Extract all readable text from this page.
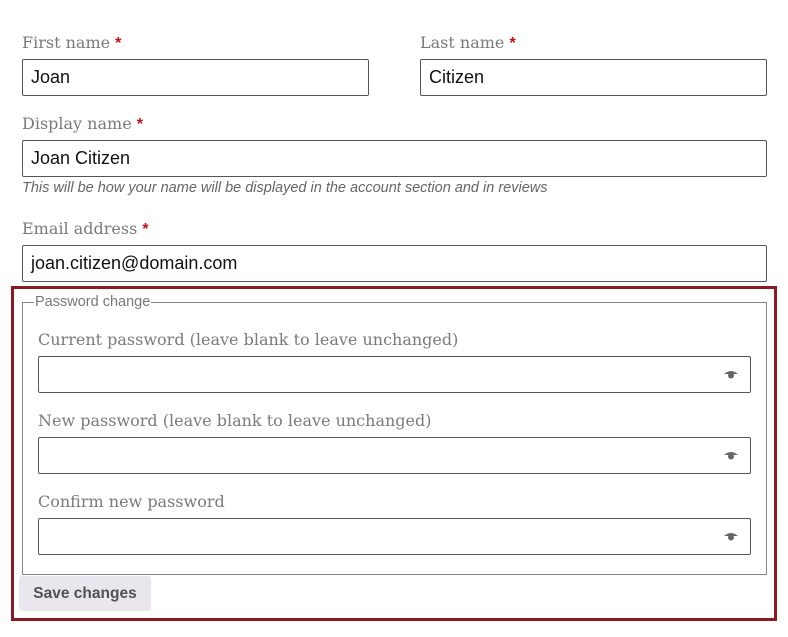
First name *
Joan
Last name *
Citizen
Display name *
Joan Citizen
This will be how your name will be displayed in the account section and in reviews
Email address *
joan.citizen@domain.com
Password change
Current password (leave blank to leave unchanged)
New password (leave blank to leave unchanged)
Confirm new password
Save changes
